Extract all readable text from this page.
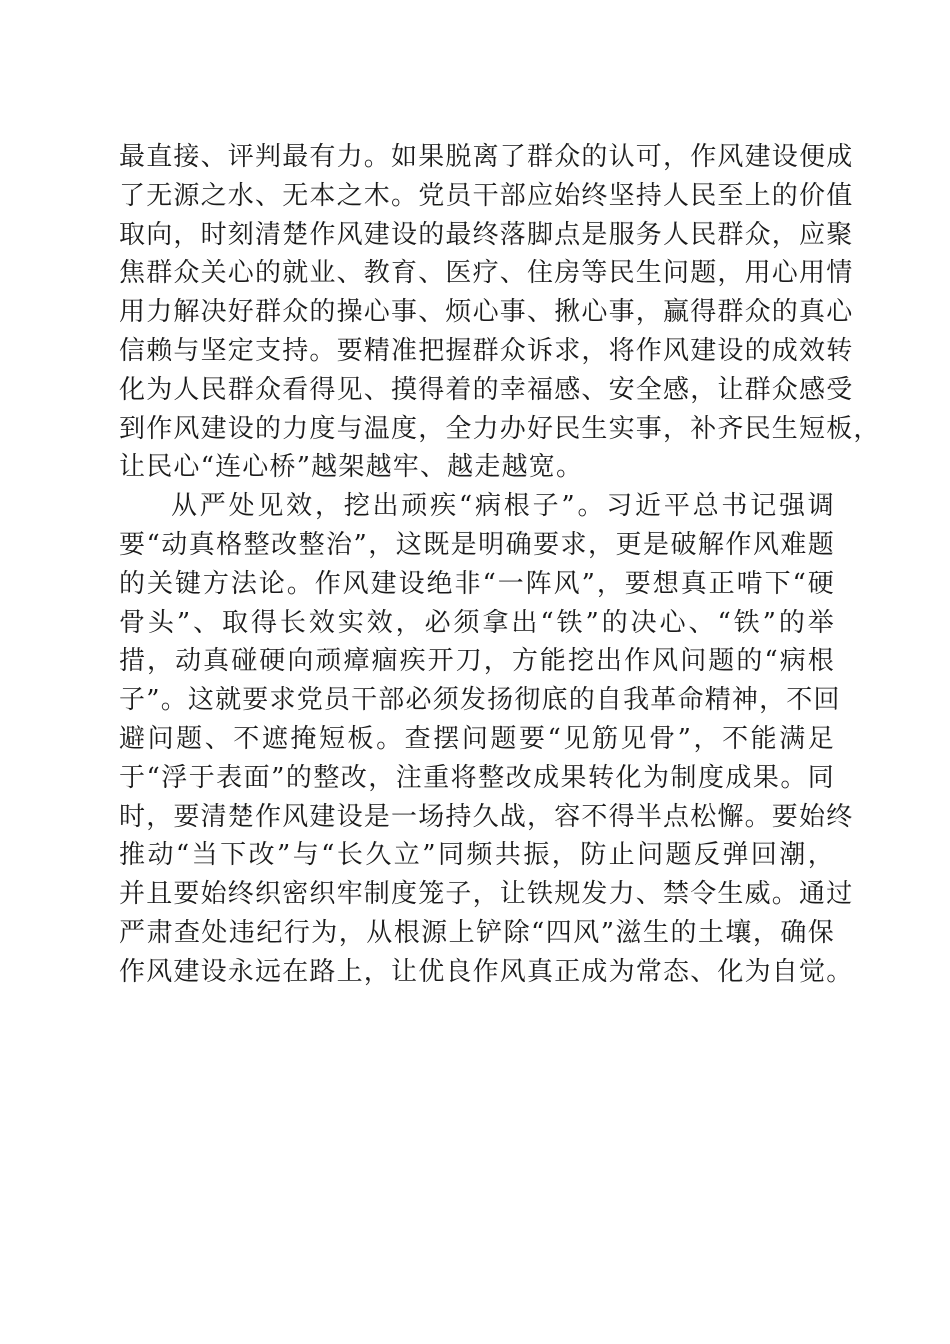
最直接、评判最有力。如果脱离了群众的认可，作风建设便成
了无源之水、无本之木。党员干部应始终坚持人民至上的价值
取向，时刻清楚作风建设的最终落脚点是服务人民群众，应聚
焦群众关心的就业、教育、医疗、住房等民生问题，用心用情
用力解决好群众的操心事、烦心事、揪心事，赢得群众的真心
信赖与坚定支持。要精准把握群众诉求，将作风建设的成效转
化为人民群众看得见、摸得着的幸福感、安全感，让群众感受
到作风建设的力度与温度，全力办好民生实事，补齐民生短板，
让民心“连心桥”越架越牢、越走越宽。
从严处见效，挖出顽疾“病根子”。习近平总书记强调
要“动真格整改整治”，这既是明确要求，更是破解作风难题
的关键方法论。作风建设绝非“一阵风”，要想真正啃下“硬
骨头”、取得长效实效，必须拿出“铁”的决心、“铁”的举
措，动真碰硬向顽瘴痼疾开刀，方能挖出作风问题的“病根
子”。这就要求党员干部必须发扬彻底的自我革命精神，不回
避问题、不遮掩短板。查摆问题要“见筋见骨”，不能满足
于“浮于表面”的整改，注重将整改成果转化为制度成果。同
时，要清楚作风建设是一场持久战，容不得半点松懈。要始终
推动“当下改”与“长久立”同频共振，防止问题反弹回潮，
并且要始终织密织牢制度笼子，让铁规发力、禁令生威。通过
严肃查处违纪行为，从根源上铲除“四风”滋生的土壤，确保
作风建设永远在路上，让优良作风真正成为常态、化为自觉。
